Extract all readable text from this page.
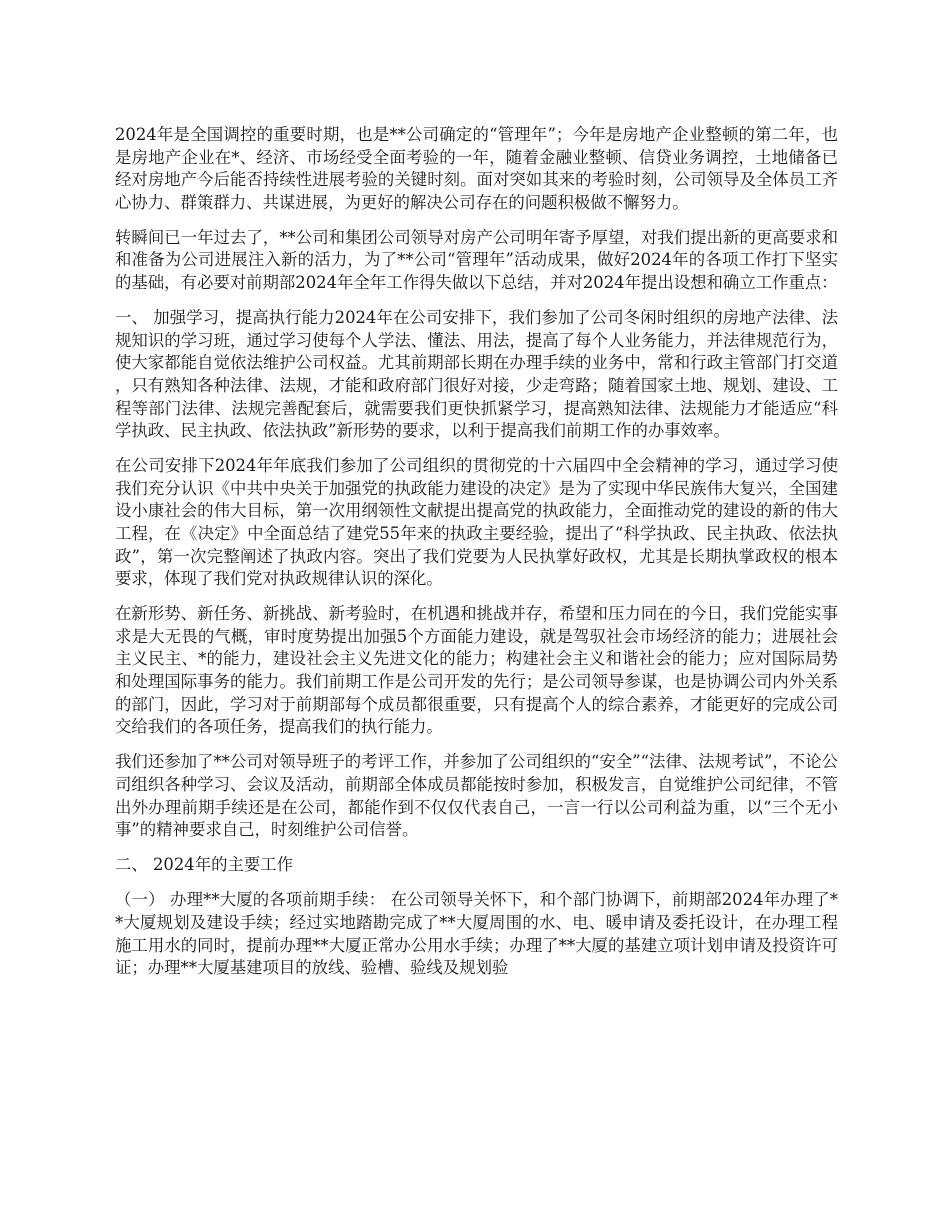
2024年是全国调控的重要时期，也是**公司确定的“管理年”；今年是房地产企业整顿的第二年，也是房地产企业在*、经济、市场经受全面考验的一年，随着金融业整顿、信贷业务调控，土地储备已经对房地产今后能否持续性进展考验的关键时刻。面对突如其来的考验时刻，公司领导及全体员工齐心协力、群策群力、共谋进展，为更好的解决公司存在的问题积极做不懈努力。

转瞬间已一年过去了，**公司和集团公司领导对房产公司明年寄予厚望，对我们提出新的更高要求和和准备为公司进展注入新的活力，为了**公司“管理年”活动成果，做好2024年的各项工作打下坚实的基础，有必要对前期部2024年全年工作得失做以下总结，并对2024年提出设想和确立工作重点：

一、 加强学习，提高执行能力2024年在公司安排下，我们参加了公司冬闲时组织的房地产法律、法规知识的学习班，通过学习使每个人学法、懂法、用法，提高了每个人业务能力，并法律规范行为，使大家都能自觉依法维护公司权益。尤其前期部长期在办理手续的业务中，常和行政主管部门打交道，只有熟知各种法律、法规，才能和政府部门很好对接，少走弯路；随着国家土地、规划、建设、工程等部门法律、法规完善配套后，就需要我们更快抓紧学习，提高熟知法律、法规能力才能适应“科学执政、民主执政、依法执政”新形势的要求，以利于提高我们前期工作的办事效率。

在公司安排下2024年年底我们参加了公司组织的贯彻党的十六届四中全会精神的学习，通过学习使我们充分认识《中共中央关于加强党的执政能力建设的决定》是为了实现中华民族伟大复兴，全国建设小康社会的伟大目标，第一次用纲领性文献提出提高党的执政能力，全面推动党的建设的新的伟大工程，在《决定》中全面总结了建党55年来的执政主要经验，提出了“科学执政、民主执政、依法执政”，第一次完整阐述了执政内容。突出了我们党要为人民执掌好政权，尤其是长期执掌政权的根本要求，体现了我们党对执政规律认识的深化。

在新形势、新任务、新挑战、新考验时，在机遇和挑战并存，希望和压力同在的今日，我们党能实事求是大无畏的气概，审时度势提出加强5个方面能力建设，就是驾驭社会市场经济的能力；进展社会主义民主、*的能力，建设社会主义先进文化的能力；构建社会主义和谐社会的能力；应对国际局势和处理国际事务的能力。我们前期工作是公司开发的先行；是公司领导参谋，也是协调公司内外关系的部门，因此，学习对于前期部每个成员都很重要，只有提高个人的综合素养，才能更好的完成公司交给我们的各项任务，提高我们的执行能力。

我们还参加了**公司对领导班子的考评工作，并参加了公司组织的“安全”“法律、法规考试”，不论公司组织各种学习、会议及活动，前期部全体成员都能按时参加，积极发言，自觉维护公司纪律，不管出外办理前期手续还是在公司，都能作到不仅仅代表自己，一言一行以公司利益为重，以“三个无小事”的精神要求自己，时刻维护公司信誉。

二、 2024年的主要工作

（一） 办理**大厦的各项前期手续： 在公司领导关怀下，和个部门协调下，前期部2024年办理了**大厦规划及建设手续；经过实地踏勘完成了**大厦周围的水、电、暖申请及委托设计，在办理工程施工用水的同时，提前办理**大厦正常办公用水手续；办理了**大厦的基建立项计划申请及投资许可证；办理**大厦基建项目的放线、验槽、验线及规划验
